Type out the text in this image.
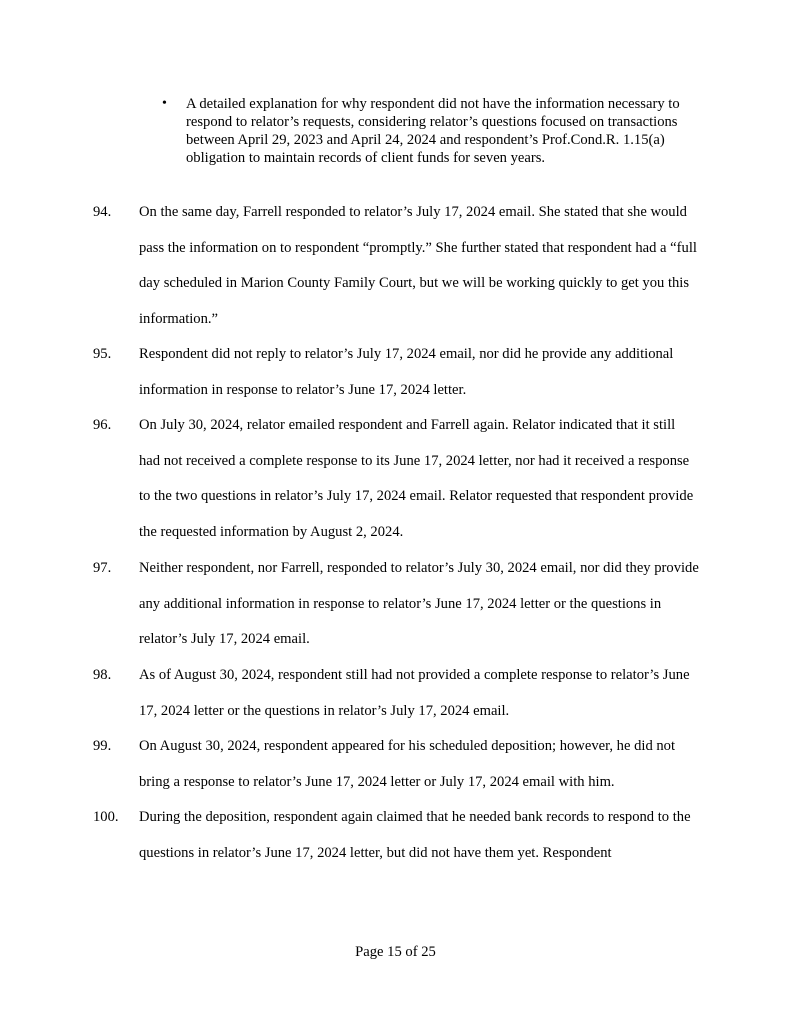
•	A detailed explanation for why respondent did not have the information necessary to respond to relator’s requests, considering relator’s questions focused on transactions between April 29, 2023 and April 24, 2024 and respondent’s Prof.Cond.R. 1.15(a) obligation to maintain records of client funds for seven years.
94.	On the same day, Farrell responded to relator’s July 17, 2024 email. She stated that she would pass the information on to respondent “promptly.” She further stated that respondent had a “full day scheduled in Marion County Family Court, but we will be working quickly to get you this information.”
95.	Respondent did not reply to relator’s July 17, 2024 email, nor did he provide any additional information in response to relator’s June 17, 2024 letter.
96.	On July 30, 2024, relator emailed respondent and Farrell again. Relator indicated that it still had not received a complete response to its June 17, 2024 letter, nor had it received a response to the two questions in relator’s July 17, 2024 email. Relator requested that respondent provide the requested information by August 2, 2024.
97.	Neither respondent, nor Farrell, responded to relator’s July 30, 2024 email, nor did they provide any additional information in response to relator’s June 17, 2024 letter or the questions in relator’s July 17, 2024 email.
98.	As of August 30, 2024, respondent still had not provided a complete response to relator’s June 17, 2024 letter or the questions in relator’s July 17, 2024 email.
99.	On August 30, 2024, respondent appeared for his scheduled deposition; however, he did not bring a response to relator’s June 17, 2024 letter or July 17, 2024 email with him.
100.	During the deposition, respondent again claimed that he needed bank records to respond to the questions in relator’s June 17, 2024 letter, but did not have them yet. Respondent
Page 15 of 25
